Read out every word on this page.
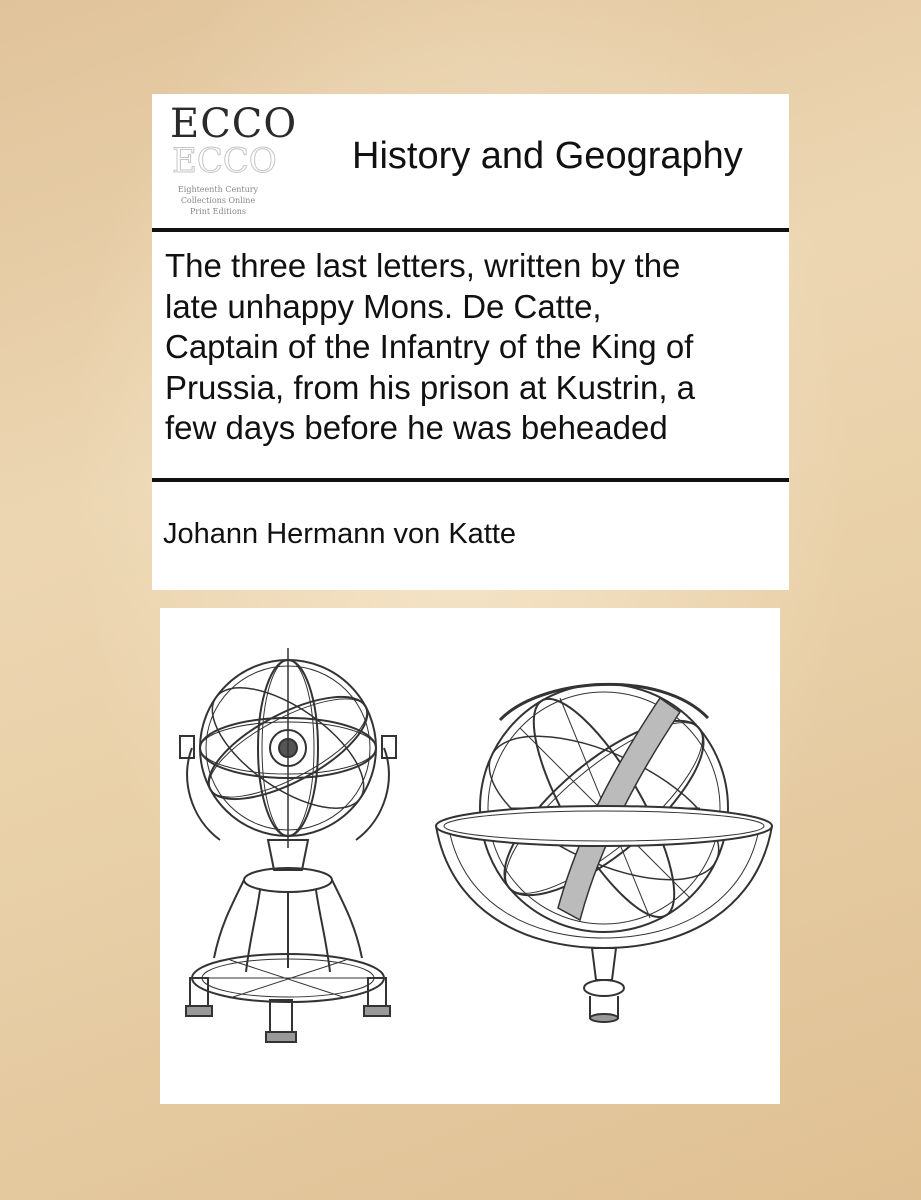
ECCO
ECCO
Eighteenth Century Collections Online Print Editions
History and Geography
The three last letters, written by the
late unhappy Mons. De Catte,
Captain of the Infantry of the King of
Prussia, from his prison at Kustrin, a
few days before he was beheaded
Johann Hermann von Katte
